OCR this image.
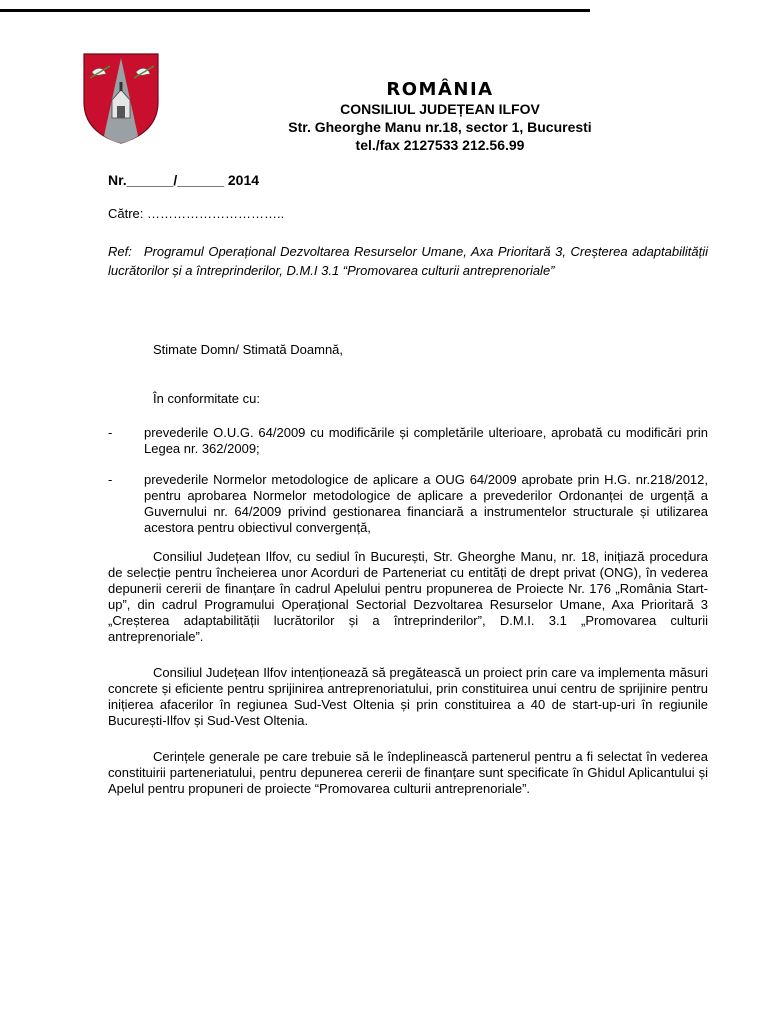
ROMÂNIA
CONSILIUL JUDEȚEAN ILFOV
Str. Gheorghe Manu nr.18, sector 1, Bucuresti
tel./fax 2127533 212.56.99
Nr.______/______ 2014
Către: …………………………..
Ref: Programul Operațional Dezvoltarea Resurselor Umane, Axa Prioritară 3, Creșterea adaptabilității lucrătorilor și a întreprinderilor, D.M.I 3.1 “Promovarea culturii antreprenoriale”
Stimate Domn/ Stimată Doamnă,
În conformitate cu:
- prevederile O.U.G. 64/2009 cu modificările și completările ulterioare, aprobată cu modificări prin Legea nr. 362/2009;
- prevederile Normelor metodologice de aplicare a OUG 64/2009 aprobate prin H.G. nr.218/2012, pentru aprobarea Normelor metodologice de aplicare a prevederilor Ordonanței de urgență a Guvernului nr. 64/2009 privind gestionarea financiară a instrumentelor structurale și utilizarea acestora pentru obiectivul convergență,
Consiliul Județean Ilfov, cu sediul în București, Str. Gheorghe Manu, nr. 18, inițiază procedura de selecție pentru încheierea unor Acorduri de Parteneriat cu entități de drept privat (ONG), în vederea depunerii cererii de finanțare în cadrul Apelului pentru propunerea de Proiecte Nr. 176 „România Start-up”, din cadrul Programului Operațional Sectorial Dezvoltarea Resurselor Umane, Axa Prioritară 3 „Creșterea adaptabilității lucrătorilor și a întreprinderilor”, D.M.I. 3.1 „Promovarea culturii antreprenoriale”.
Consiliul Județean Ilfov intenționează să pregătească un proiect prin care va implementa măsuri concrete și eficiente pentru sprijinirea antreprenoriatului, prin constituirea unui centru de sprijinire pentru inițierea afacerilor în regiunea Sud-Vest Oltenia și prin constituirea a 40 de start-up-uri în regiunile București-Ilfov și Sud-Vest Oltenia.
Cerințele generale pe care trebuie să le îndeplinească partenerul pentru a fi selectat în vederea constituirii parteneriatului, pentru depunerea cererii de finanțare sunt specificate în Ghidul Aplicantului și Apelul pentru propuneri de proiecte “Promovarea culturii antreprenoriale”.
